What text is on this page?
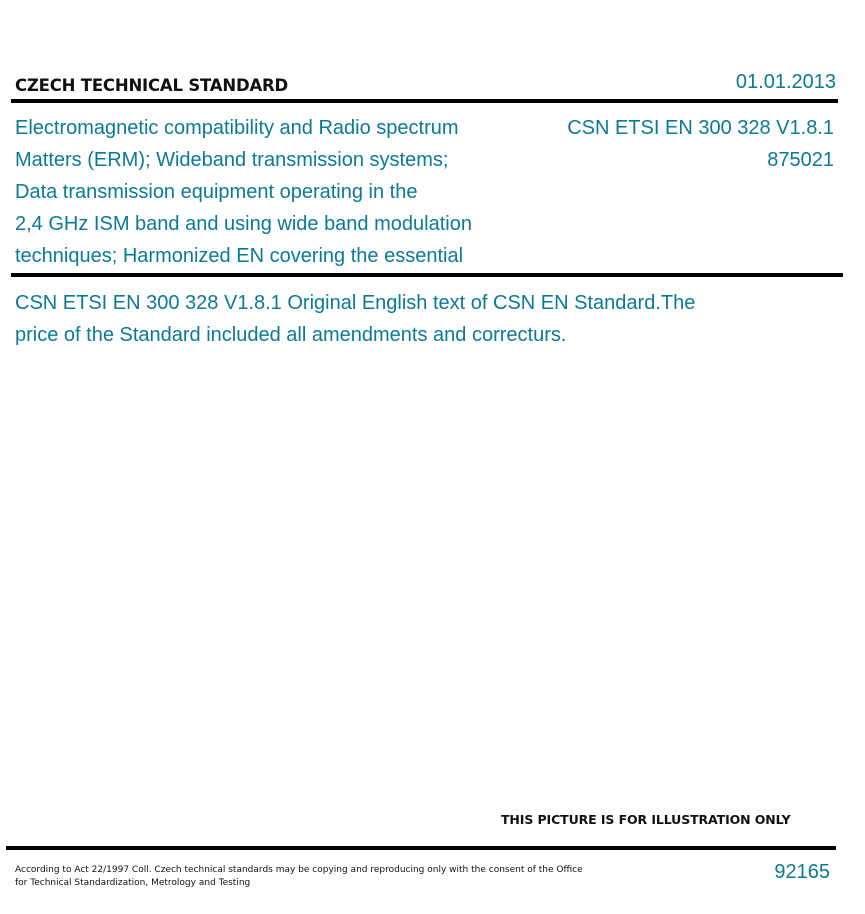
CZECH TECHNICAL STANDARD	01.01.2013
Electromagnetic compatibility and Radio spectrum
Matters (ERM); Wideband transmission systems;
Data transmission equipment operating in the
2,4 GHz ISM band and using wide band modulation
techniques; Harmonized EN covering the essential
CSN ETSI EN 300 328 V1.8.1
875021
CSN ETSI EN 300 328 V1.8.1 Original English text of CSN EN Standard.The
price of the Standard included all amendments and correcturs.
THIS PICTURE IS FOR ILLUSTRATION ONLY
According to Act 22/1997 Coll. Czech technical standards may be copying and reproducing only with the consent of the Office
for Technical Standardization, Metrology and Testing	92165
